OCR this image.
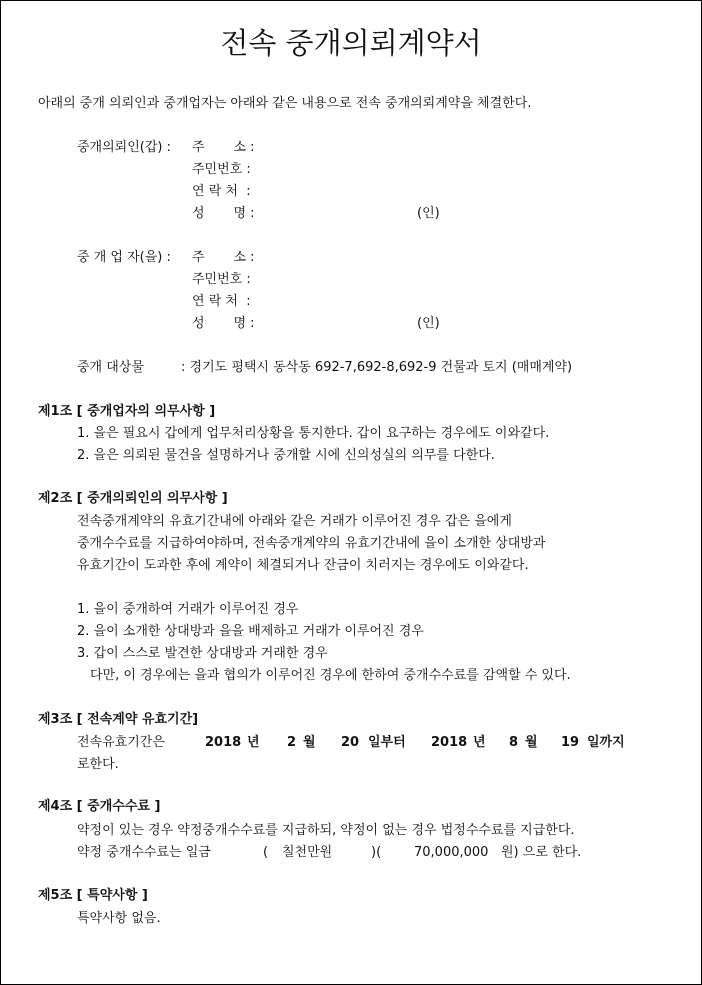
전속 중개의뢰계약서
아래의 중개 의뢰인과 중개업자는 아래와 같은 내용으로 전속 중개의뢰계약을 체결한다.
중개의뢰인(갑) : 주       소 :
주민번호 :
연 락 처  :
성       명 :	(인)
중 개 업 자(을) : 주       소 :
주민번호 :
연 락 처  :
성       명 :	(인)
중개 대상물	: 경기도 평택시 동삭동 692-7,692-8,692-9 건물과 토지 (매매계약)
제1조 [ 중개업자의 의무사항 ]
1. 을은 필요시 갑에게 업무처리상황을 통지한다. 갑이 요구하는 경우에도 이와같다.
2. 을은 의뢰된 물건을 설명하거나 중개할 시에 신의성실의 의무를 다한다.
제2조 [ 중개의뢰인의 의무사항 ]
전속중개계약의 유효기간내에 아래와 같은 거래가 이루어진 경우 갑은 을에게
중개수수료를 지급하여야하며, 전속중개계약의 유효기간내에 을이 소개한 상대방과
유효기간이 도과한 후에 계약이 체결되거나 잔금이 치러지는 경우에도 이와같다.
1. 을이 중개하여 거래가 이루어진 경우
2. 을이 소개한 상대방과 을을 배제하고 거래가 이루어진 경우
3. 갑이 스스로 발견한 상대방과 거래한 경우
다만, 이 경우에는 을과 협의가 이루어진 경우에 한하여 중개수수료를 감액할 수 있다.
제3조 [ 전속계약 유효기간]
전속유효기간은	2018 년 2 월 20 일부터 2018 년 8 월 19 일까지
로한다.
제4조 [ 중개수수료 ]
약정이 있는 경우 약정중개수수료를 지급하되, 약정이 없는 경우 법정수수료를 지급한다.
약정 중개수수료는 일금	( 칠천만원	)(	70,000,000 원) 으로 한다.
제5조 [ 특약사항 ]
특약사항 없음.
